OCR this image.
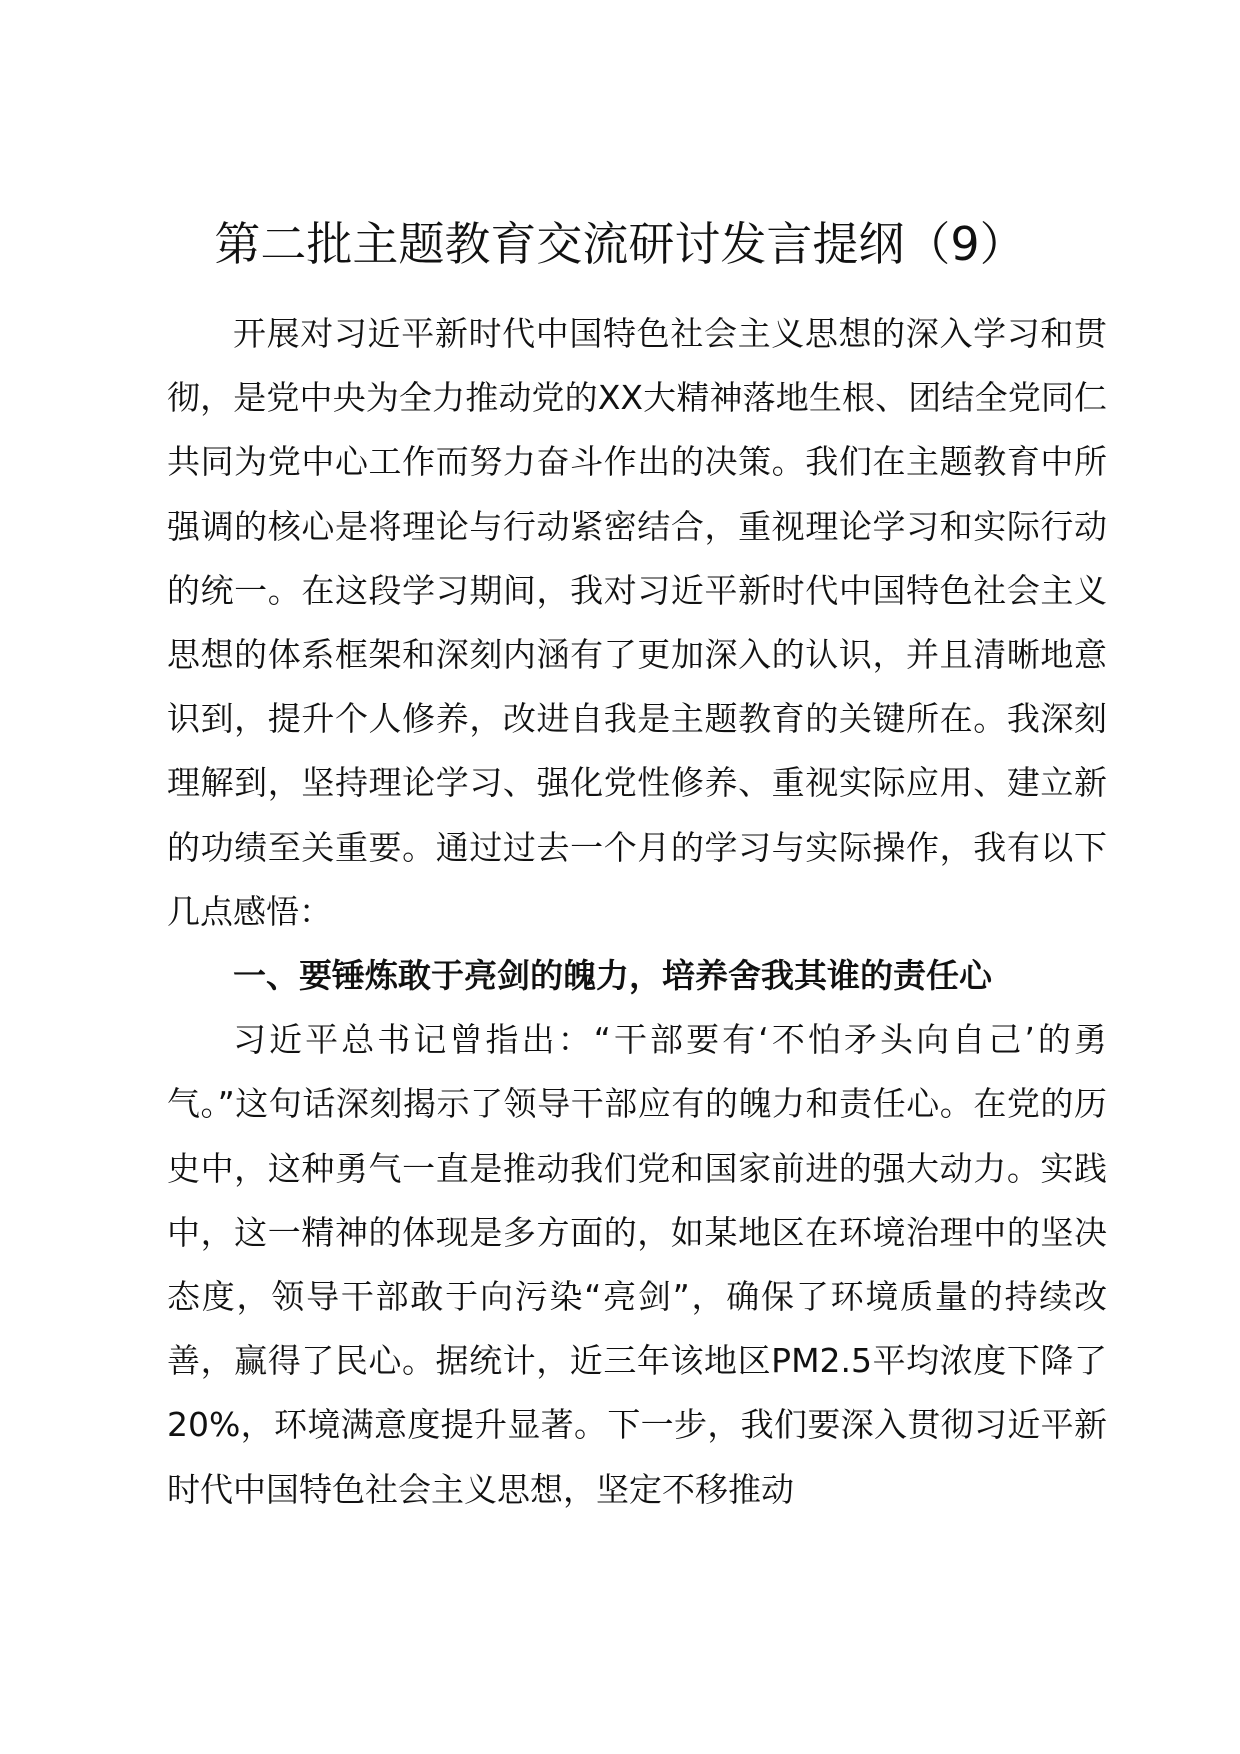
第二批主题教育交流研讨发言提纲（9）

开展对习近平新时代中国特色社会主义思想的深入学习和贯彻，是党中央为全力推动党的XX大精神落地生根、团结全党同仁共同为党中心工作而努力奋斗作出的决策。我们在主题教育中所强调的核心是将理论与行动紧密结合，重视理论学习和实际行动的统一。在这段学习期间，我对习近平新时代中国特色社会主义思想的体系框架和深刻内涵有了更加深入的认识，并且清晰地意识到，提升个人修养，改进自我是主题教育的关键所在。我深刻理解到，坚持理论学习、强化党性修养、重视实际应用、建立新的功绩至关重要。通过过去一个月的学习与实际操作，我有以下几点感悟：

一、要锤炼敢于亮剑的魄力，培养舍我其谁的责任心

习近平总书记曾指出：“干部要有‘不怕矛头向自己’的勇气。”这句话深刻揭示了领导干部应有的魄力和责任心。在党的历史中，这种勇气一直是推动我们党和国家前进的强大动力。实践中，这一精神的体现是多方面的，如某地区在环境治理中的坚决态度，领导干部敢于向污染“亮剑”，确保了环境质量的持续改善，赢得了民心。据统计，近三年该地区PM2.5平均浓度下降了20%，环境满意度提升显著。下一步，我们要深入贯彻习近平新时代中国特色社会主义思想，坚定不移推动
